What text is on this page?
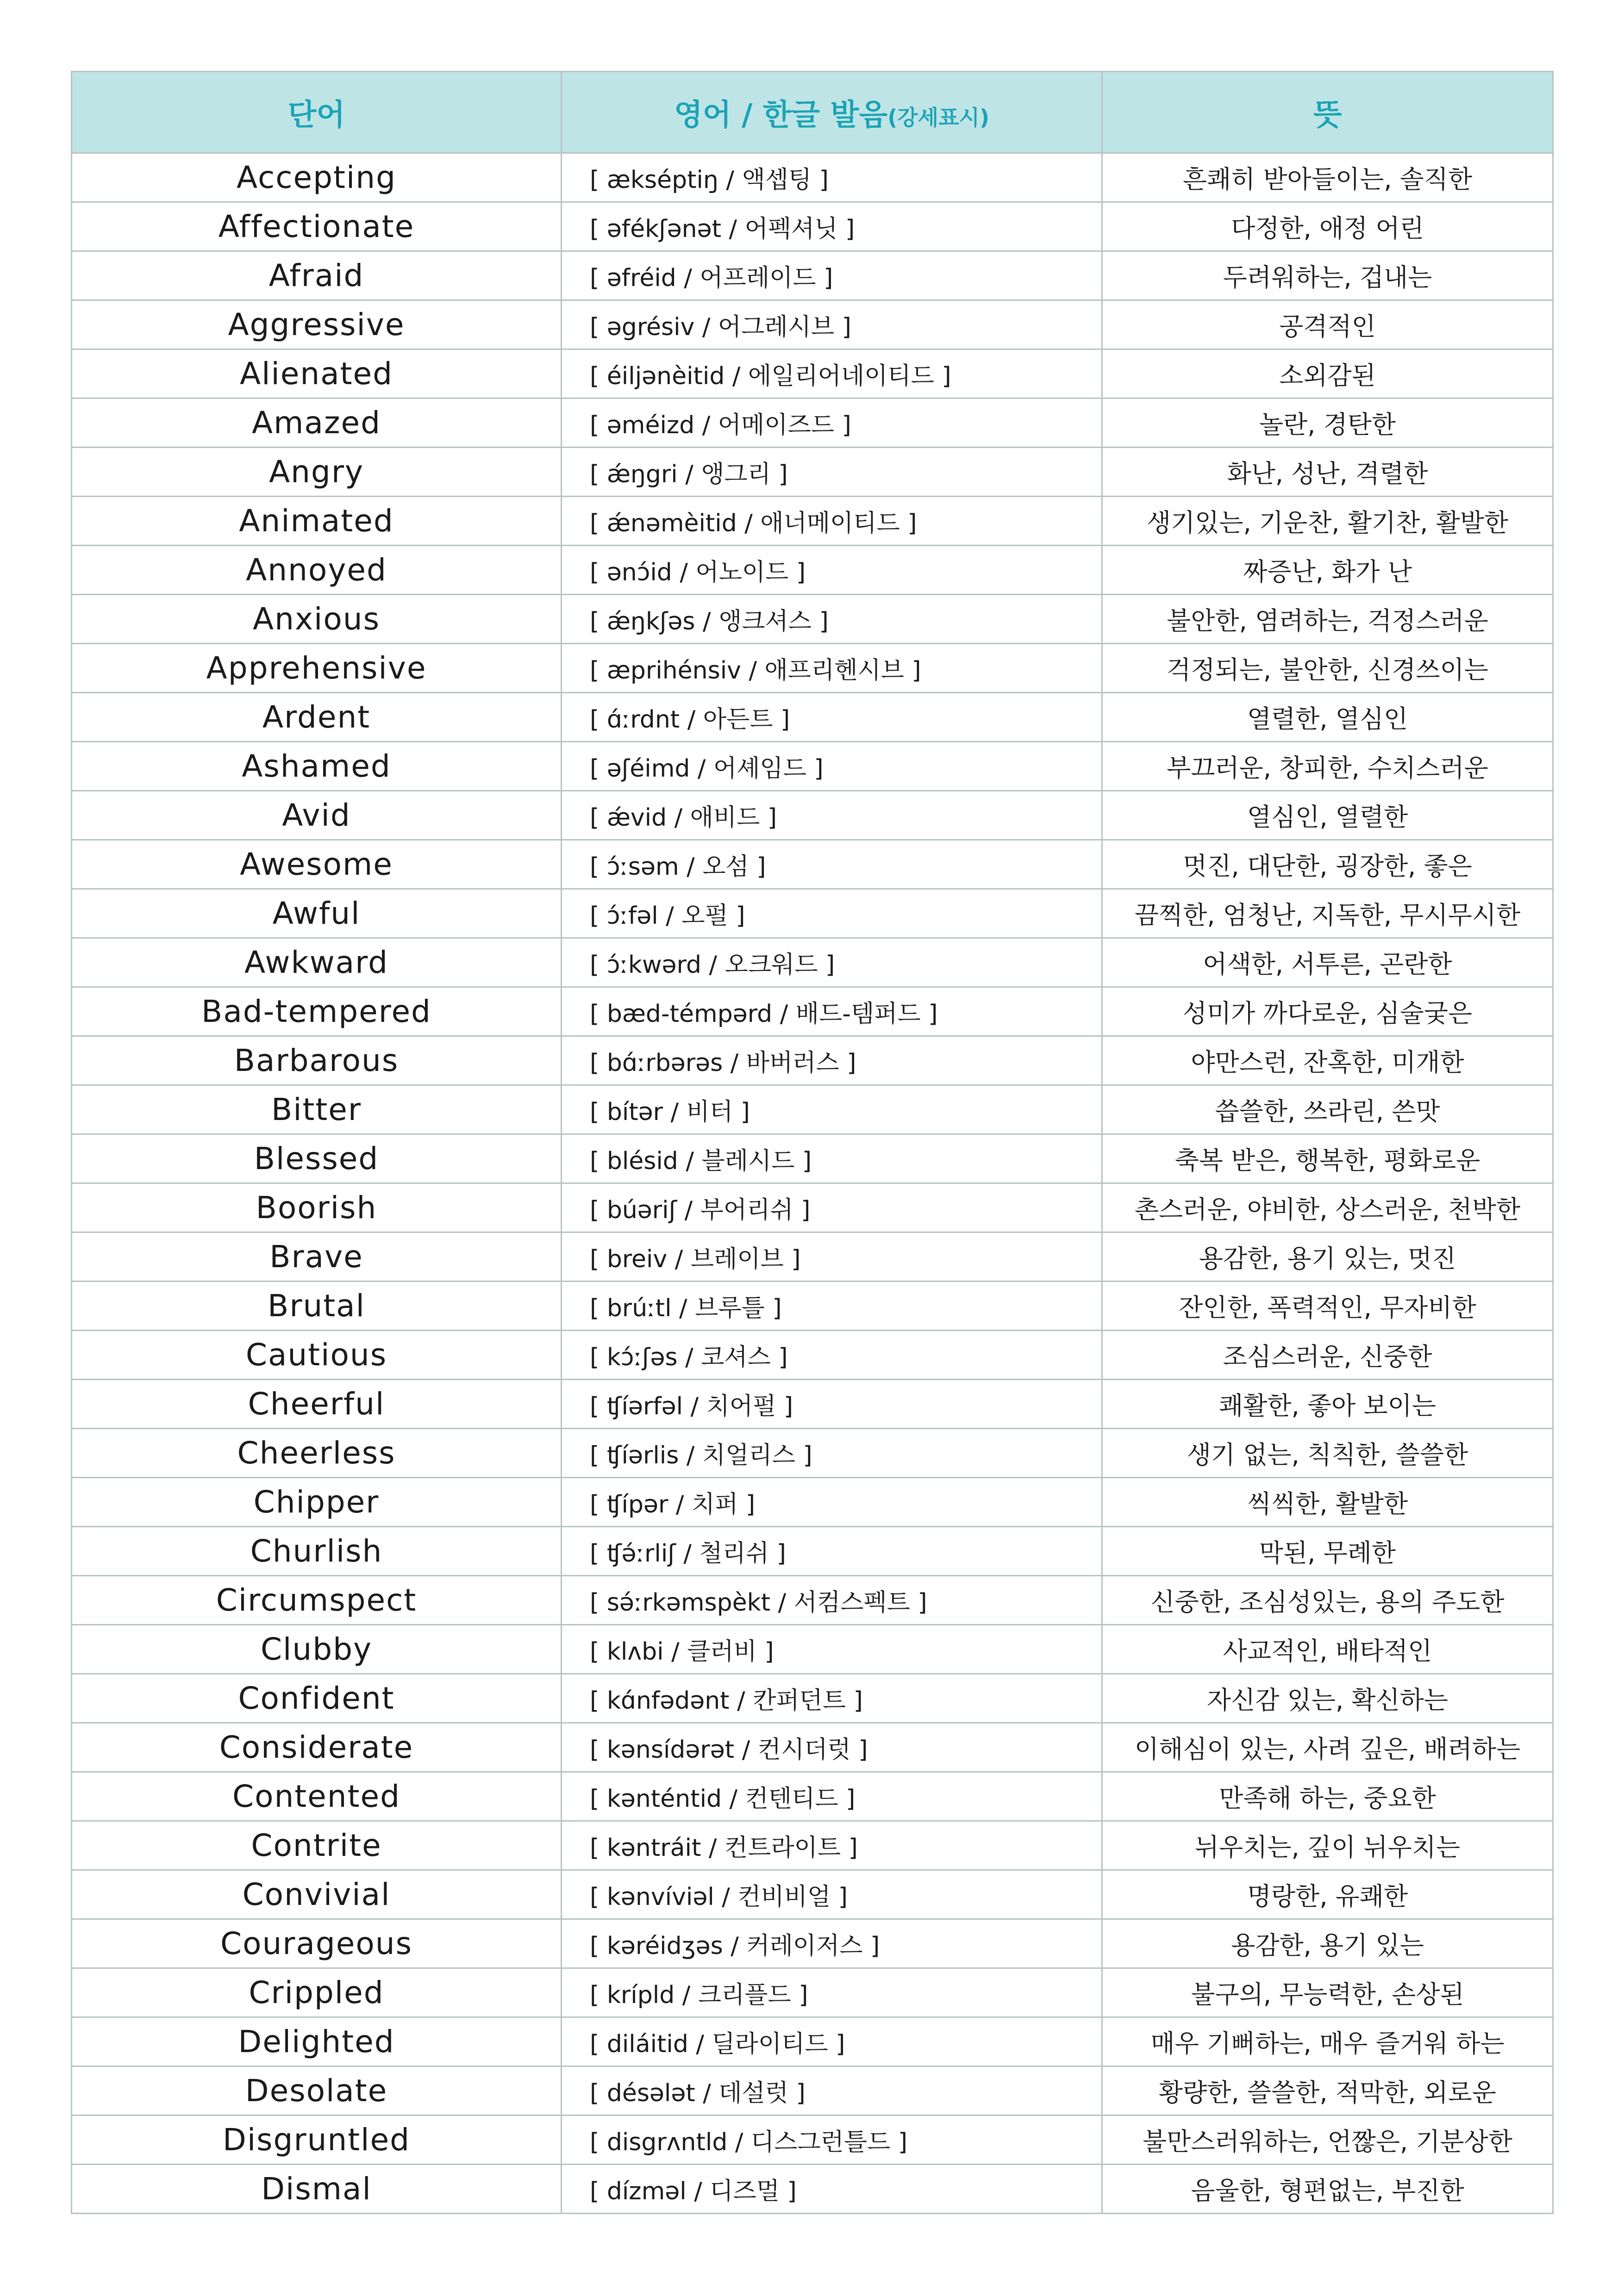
단어	영어 / 한글 발음(강세표시)	뜻
Accepting	[ ækséptiŋ / 액셉팅 ]	흔쾌히 받아들이는, 솔직한
Affectionate	[ əfékʃənət / 어펙셔닛 ]	다정한, 애정 어린
Afraid	[ əfréid / 어프레이드 ]	두려워하는, 겁내는
Aggressive	[ əgrésiv / 어그레시브 ]	공격적인
Alienated	[ éiljənèitid / 에일리어네이티드 ]	소외감된
Amazed	[ əméizd / 어메이즈드 ]	놀란, 경탄한
Angry	[ ǽŋgri / 앵그리 ]	화난, 성난, 격렬한
Animated	[ ǽnəmèitid / 애너메이티드 ]	생기있는, 기운찬, 활기찬, 활발한
Annoyed	[ ənɔ́id / 어노이드 ]	짜증난, 화가 난
Anxious	[ ǽŋkʃəs / 앵크셔스 ]	불안한, 염려하는, 걱정스러운
Apprehensive	[ æprihénsiv / 애프리헨시브 ]	걱정되는, 불안한, 신경쓰이는
Ardent	[ ɑ́ːrdnt / 아든트 ]	열렬한, 열심인
Ashamed	[ əʃéimd / 어셰임드 ]	부끄러운, 창피한, 수치스러운
Avid	[ ǽvid / 애비드 ]	열심인, 열렬한
Awesome	[ ɔ́ːsəm / 오섬 ]	멋진, 대단한, 굉장한, 좋은
Awful	[ ɔ́ːfəl / 오펄 ]	끔찍한, 엄청난, 지독한, 무시무시한
Awkward	[ ɔ́ːkwərd / 오크워드 ]	어색한, 서투른, 곤란한
Bad-tempered	[ bæd-témpərd / 배드-템퍼드 ]	성미가 까다로운, 심술궂은
Barbarous	[ bɑ́ːrbərəs / 바버러스 ]	야만스런, 잔혹한, 미개한
Bitter	[ bítər / 비터 ]	씁쓸한, 쓰라린, 쓴맛
Blessed	[ blésid / 블레시드 ]	축복 받은, 행복한, 평화로운
Boorish	[ búəriʃ / 부어리쉬 ]	촌스러운, 야비한, 상스러운, 천박한
Brave	[ breiv / 브레이브 ]	용감한, 용기 있는, 멋진
Brutal	[ brúːtl / 브루틀 ]	잔인한, 폭력적인, 무자비한
Cautious	[ kɔ́ːʃəs / 코셔스 ]	조심스러운, 신중한
Cheerful	[ ʧíərfəl / 치어펄 ]	쾌활한, 좋아 보이는
Cheerless	[ ʧíərlis / 치얼리스 ]	생기 없는, 칙칙한, 쓸쓸한
Chipper	[ ʧípər / 치퍼 ]	씩씩한, 활발한
Churlish	[ ʧə́ːrliʃ / 철리쉬 ]	막된, 무례한
Circumspect	[ sə́ːrkəmspèkt / 서컴스펙트 ]	신중한, 조심성있는, 용의 주도한
Clubby	[ klʌbi / 클러비 ]	사교적인, 배타적인
Confident	[ kɑ́nfədənt / 칸퍼던트 ]	자신감 있는, 확신하는
Considerate	[ kənsídərət / 컨시더럿 ]	이해심이 있는, 사려 깊은, 배려하는
Contented	[ kənténtid / 컨텐티드 ]	만족해 하는, 중요한
Contrite	[ kəntráit / 컨트라이트 ]	뉘우치는, 깊이 뉘우치는
Convivial	[ kənvíviəl / 컨비비얼 ]	명랑한, 유쾌한
Courageous	[ kəréidʒəs / 커레이저스 ]	용감한, 용기 있는
Crippled	[ krípld / 크리플드 ]	불구의, 무능력한, 손상된
Delighted	[ diláitid / 딜라이티드 ]	매우 기뻐하는, 매우 즐거워 하는
Desolate	[ désələt / 데설럿 ]	황량한, 쓸쓸한, 적막한, 외로운
Disgruntled	[ disgrʌntld / 디스그런틀드 ]	불만스러워하는, 언짢은, 기분상한
Dismal	[ dízməl / 디즈멀 ]	음울한, 형편없는, 부진한
